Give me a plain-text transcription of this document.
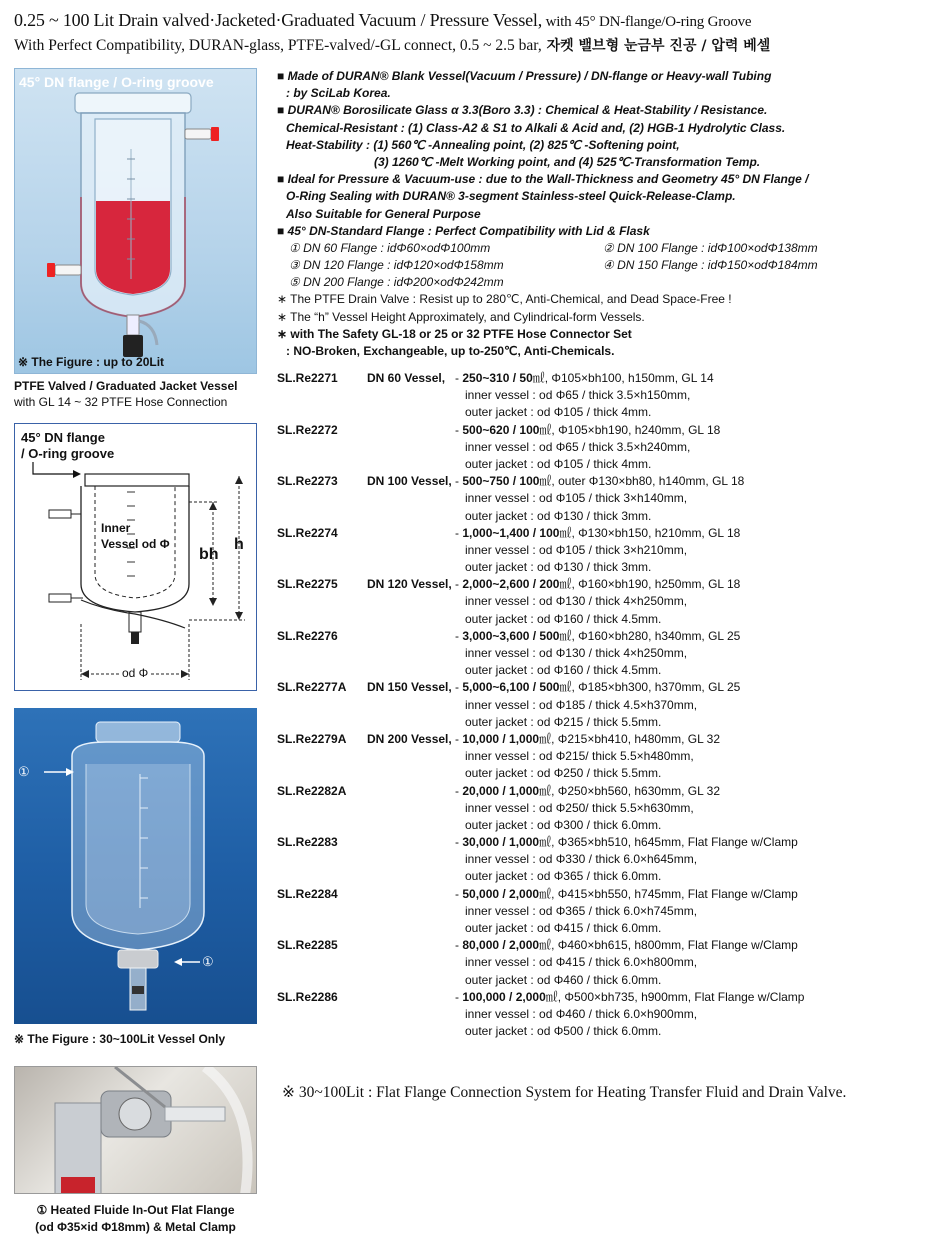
0.25 ~ 100 Lit Drain valved·Jacketed·Graduated Vacuum / Pressure Vessel, with 45° DN-flange/O-ring Groove
With Perfect Compatibility, DURAN-glass, PTFE-valved/-GL connect, 0.5 ~ 2.5 bar, 자켓 밸브형 눈금부 진공 / 압력 베셀
45° DN flange / O-ring groove
※ The Figure : up to 20Lit
PTFE Valved / Graduated Jacket Vessel
with GL 14 ~ 32 PTFE Hose Connection
45° DN flange
/ O-ring groove
Inner
Vessel od Φ
bh
h
od Φ
①
①
※ The Figure : 30~100Lit Vessel Only
① Heated Fluide In-Out Flat Flange
(od Φ35×id Φ18mm) & Metal Clamp
■ Made of DURAN® Blank Vessel(Vacuum / Pressure) / DN-flange or Heavy-wall Tubing
: by SciLab Korea.
■ DURAN® Borosilicate Glass α 3.3(Boro 3.3) : Chemical & Heat-Stability / Resistance.
Chemical-Resistant : (1) Class-A2 & S1 to Alkali & Acid and, (2) HGB-1 Hydrolytic Class.
Heat-Stability : (1) 560℃ -Annealing point, (2) 825℃ -Softening point,
(3) 1260℃ -Melt Working point, and (4) 525℃-Transformation Temp.
■ Ideal for Pressure & Vacuum-use : due to the Wall-Thickness and Geometry 45° DN Flange /
O-Ring Sealing with DURAN® 3-segment Stainless-steel Quick-Release-Clamp.
Also Suitable for General Purpose
■ 45° DN-Standard Flange : Perfect Compatibility with Lid & Flask
① DN 60 Flange : idΦ60×odΦ100mm	② DN 100 Flange : idΦ100×odΦ138mm
③ DN 120 Flange : idΦ120×odΦ158mm	④ DN 150 Flange : idΦ150×odΦ184mm
⑤ DN 200 Flange : idΦ200×odΦ242mm
∗ The PTFE Drain Valve : Resist up to 280℃, Anti-Chemical, and Dead Space-Free !
∗ The “h” Vessel Height Approximately, and Cylindrical-form Vessels.
∗ with The Safety GL-18 or 25 or 32 PTFE Hose Connector Set
: NO-Broken, Exchangeable, up to-250℃, Anti-Chemicals.
SL.Re2271 DN 60 Vessel, - 250~310 / 50㎖, Φ105×bh100, h150mm, GL 14
inner vessel : od Φ65 / thick 3.5×h150mm,
outer jacket : od Φ105 / thick 4mm.
SL.Re2272	- 500~620 / 100㎖, Φ105×bh190, h240mm, GL 18
inner vessel : od Φ65 / thick 3.5×h240mm,
outer jacket : od Φ105 / thick 4mm.
SL.Re2273 DN 100 Vessel, - 500~750 / 100㎖, outer Φ130×bh80, h140mm, GL 18
inner vessel : od Φ105 / thick 3×h140mm,
outer jacket : od Φ130 / thick 3mm.
SL.Re2274	- 1,000~1,400 / 100㎖, Φ130×bh150, h210mm, GL 18
inner vessel : od Φ105 / thick 3×h210mm,
outer jacket : od Φ130 / thick 3mm.
SL.Re2275 DN 120 Vessel, - 2,000~2,600 / 200㎖, Φ160×bh190, h250mm, GL 18
inner vessel : od Φ130 / thick 4×h250mm,
outer jacket : od Φ160 / thick 4.5mm.
SL.Re2276	- 3,000~3,600 / 500㎖, Φ160×bh280, h340mm, GL 25
inner vessel : od Φ130 / thick 4×h250mm,
outer jacket : od Φ160 / thick 4.5mm.
SL.Re2277A DN 150 Vessel, - 5,000~6,100 / 500㎖, Φ185×bh300, h370mm, GL 25
inner vessel : od Φ185 / thick 4.5×h370mm,
outer jacket : od Φ215 / thick 5.5mm.
SL.Re2279A DN 200 Vessel, - 10,000 / 1,000㎖, Φ215×bh410, h480mm, GL 32
inner vessel : od Φ215/ thick 5.5×h480mm,
outer jacket : od Φ250 / thick 5.5mm.
SL.Re2282A	- 20,000 / 1,000㎖, Φ250×bh560, h630mm, GL 32
inner vessel : od Φ250/ thick 5.5×h630mm,
outer jacket : od Φ300 / thick 6.0mm.
SL.Re2283	- 30,000 / 1,000㎖, Φ365×bh510, h645mm, Flat Flange w/Clamp
inner vessel : od Φ330 / thick 6.0×h645mm,
outer jacket : od Φ365 / thick 6.0mm.
SL.Re2284	- 50,000 / 2,000㎖, Φ415×bh550, h745mm, Flat Flange w/Clamp
inner vessel : od Φ365 / thick 6.0×h745mm,
outer jacket : od Φ415 / thick 6.0mm.
SL.Re2285	- 80,000 / 2,000㎖, Φ460×bh615, h800mm, Flat Flange w/Clamp
inner vessel : od Φ415 / thick 6.0×h800mm,
outer jacket : od Φ460 / thick 6.0mm.
SL.Re2286	- 100,000 / 2,000㎖, Φ500×bh735, h900mm, Flat Flange w/Clamp
inner vessel : od Φ460 / thick 6.0×h900mm,
outer jacket : od Φ500 / thick 6.0mm.
※ 30~100Lit : Flat Flange Connection System for Heating Transfer Fluid and Drain Valve.
